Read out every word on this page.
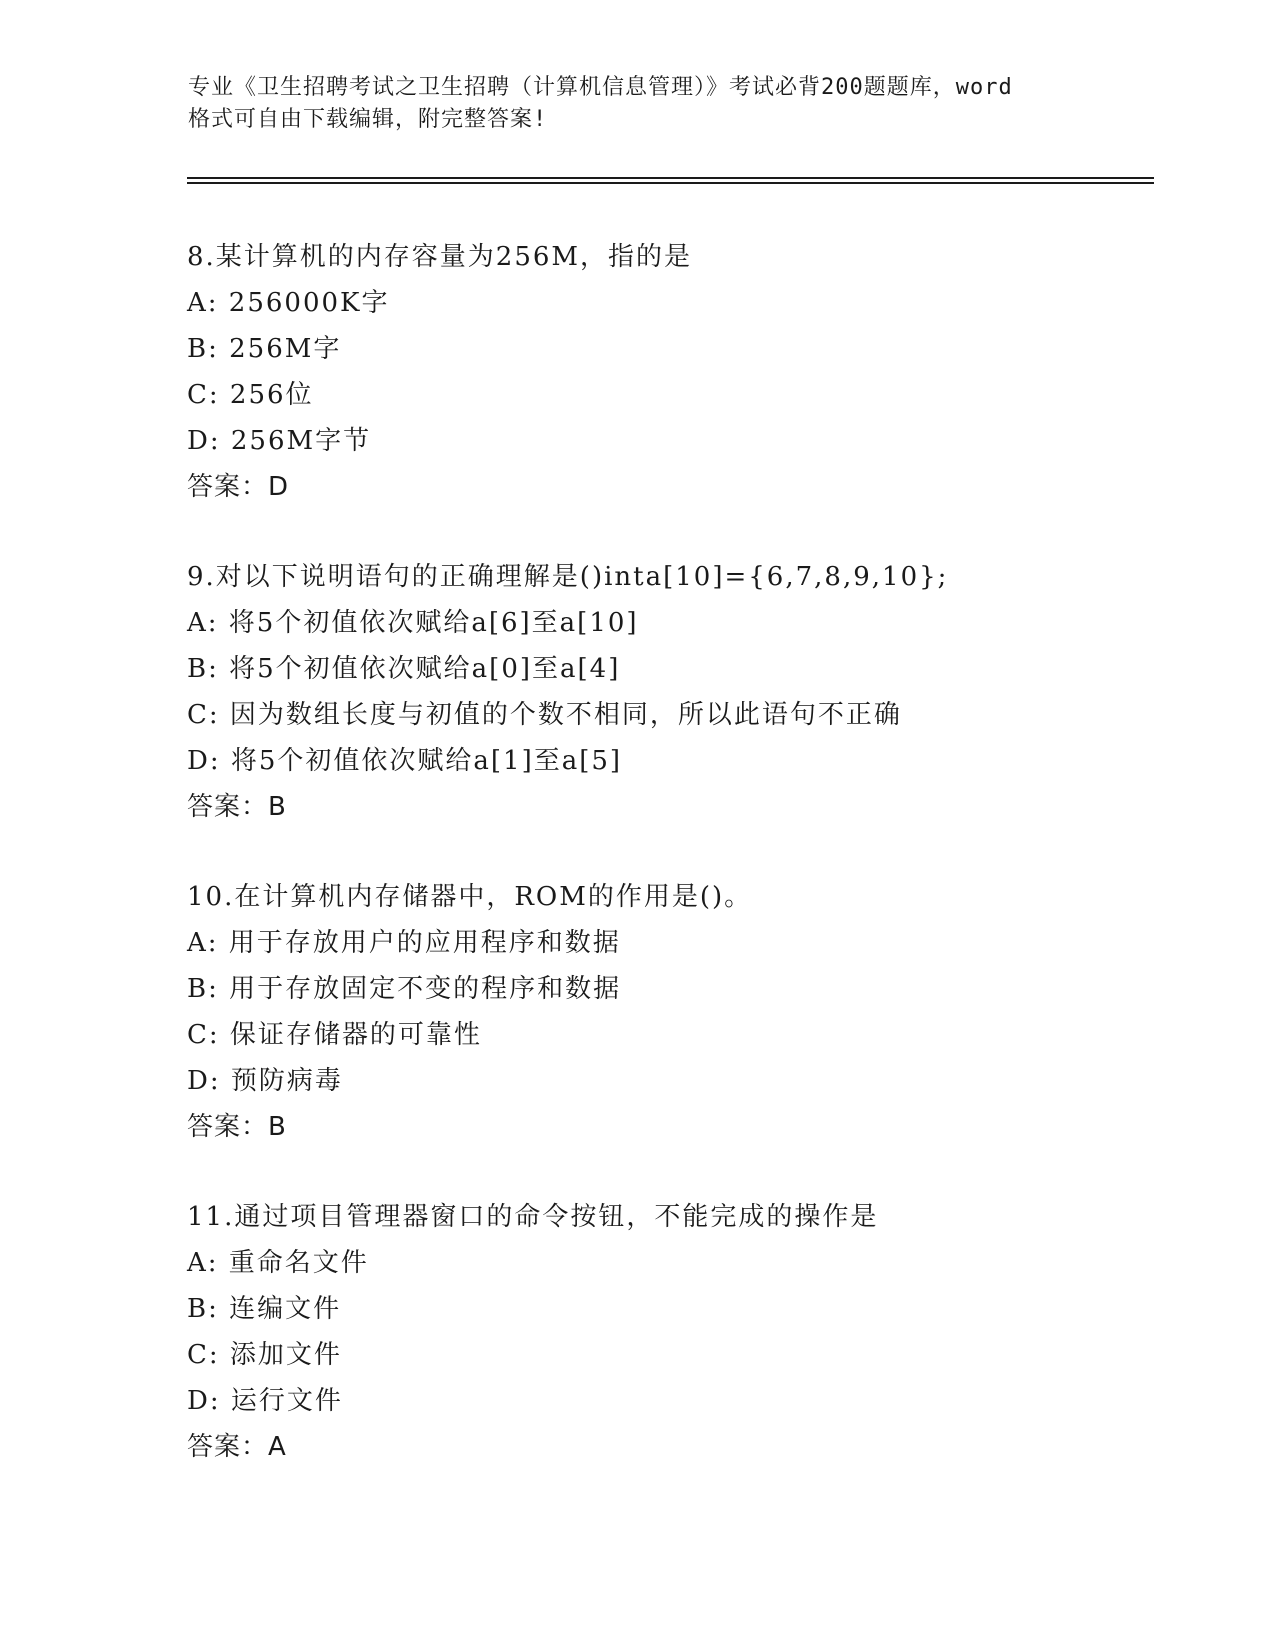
专业《卫生招聘考试之卫生招聘（计算机信息管理）》考试必背200题题库，word
格式可自由下载编辑，附完整答案!
8.某计算机的内存容量为256M，指的是
A: 256000K字
B: 256M字
C: 256位
D: 256M字节
答案：D
9.对以下说明语句的正确理解是()inta[10]={6,7,8,9,10};
A: 将5个初值依次赋给a[6]至a[10]
B: 将5个初值依次赋给a[0]至a[4]
C: 因为数组长度与初值的个数不相同，所以此语句不正确
D: 将5个初值依次赋给a[1]至a[5]
答案：B
10.在计算机内存储器中，ROM的作用是()。
A: 用于存放用户的应用程序和数据
B: 用于存放固定不变的程序和数据
C: 保证存储器的可靠性
D: 预防病毒
答案：B
11.通过项目管理器窗口的命令按钮，不能完成的操作是
A: 重命名文件
B: 连编文件
C: 添加文件
D: 运行文件
答案：A
